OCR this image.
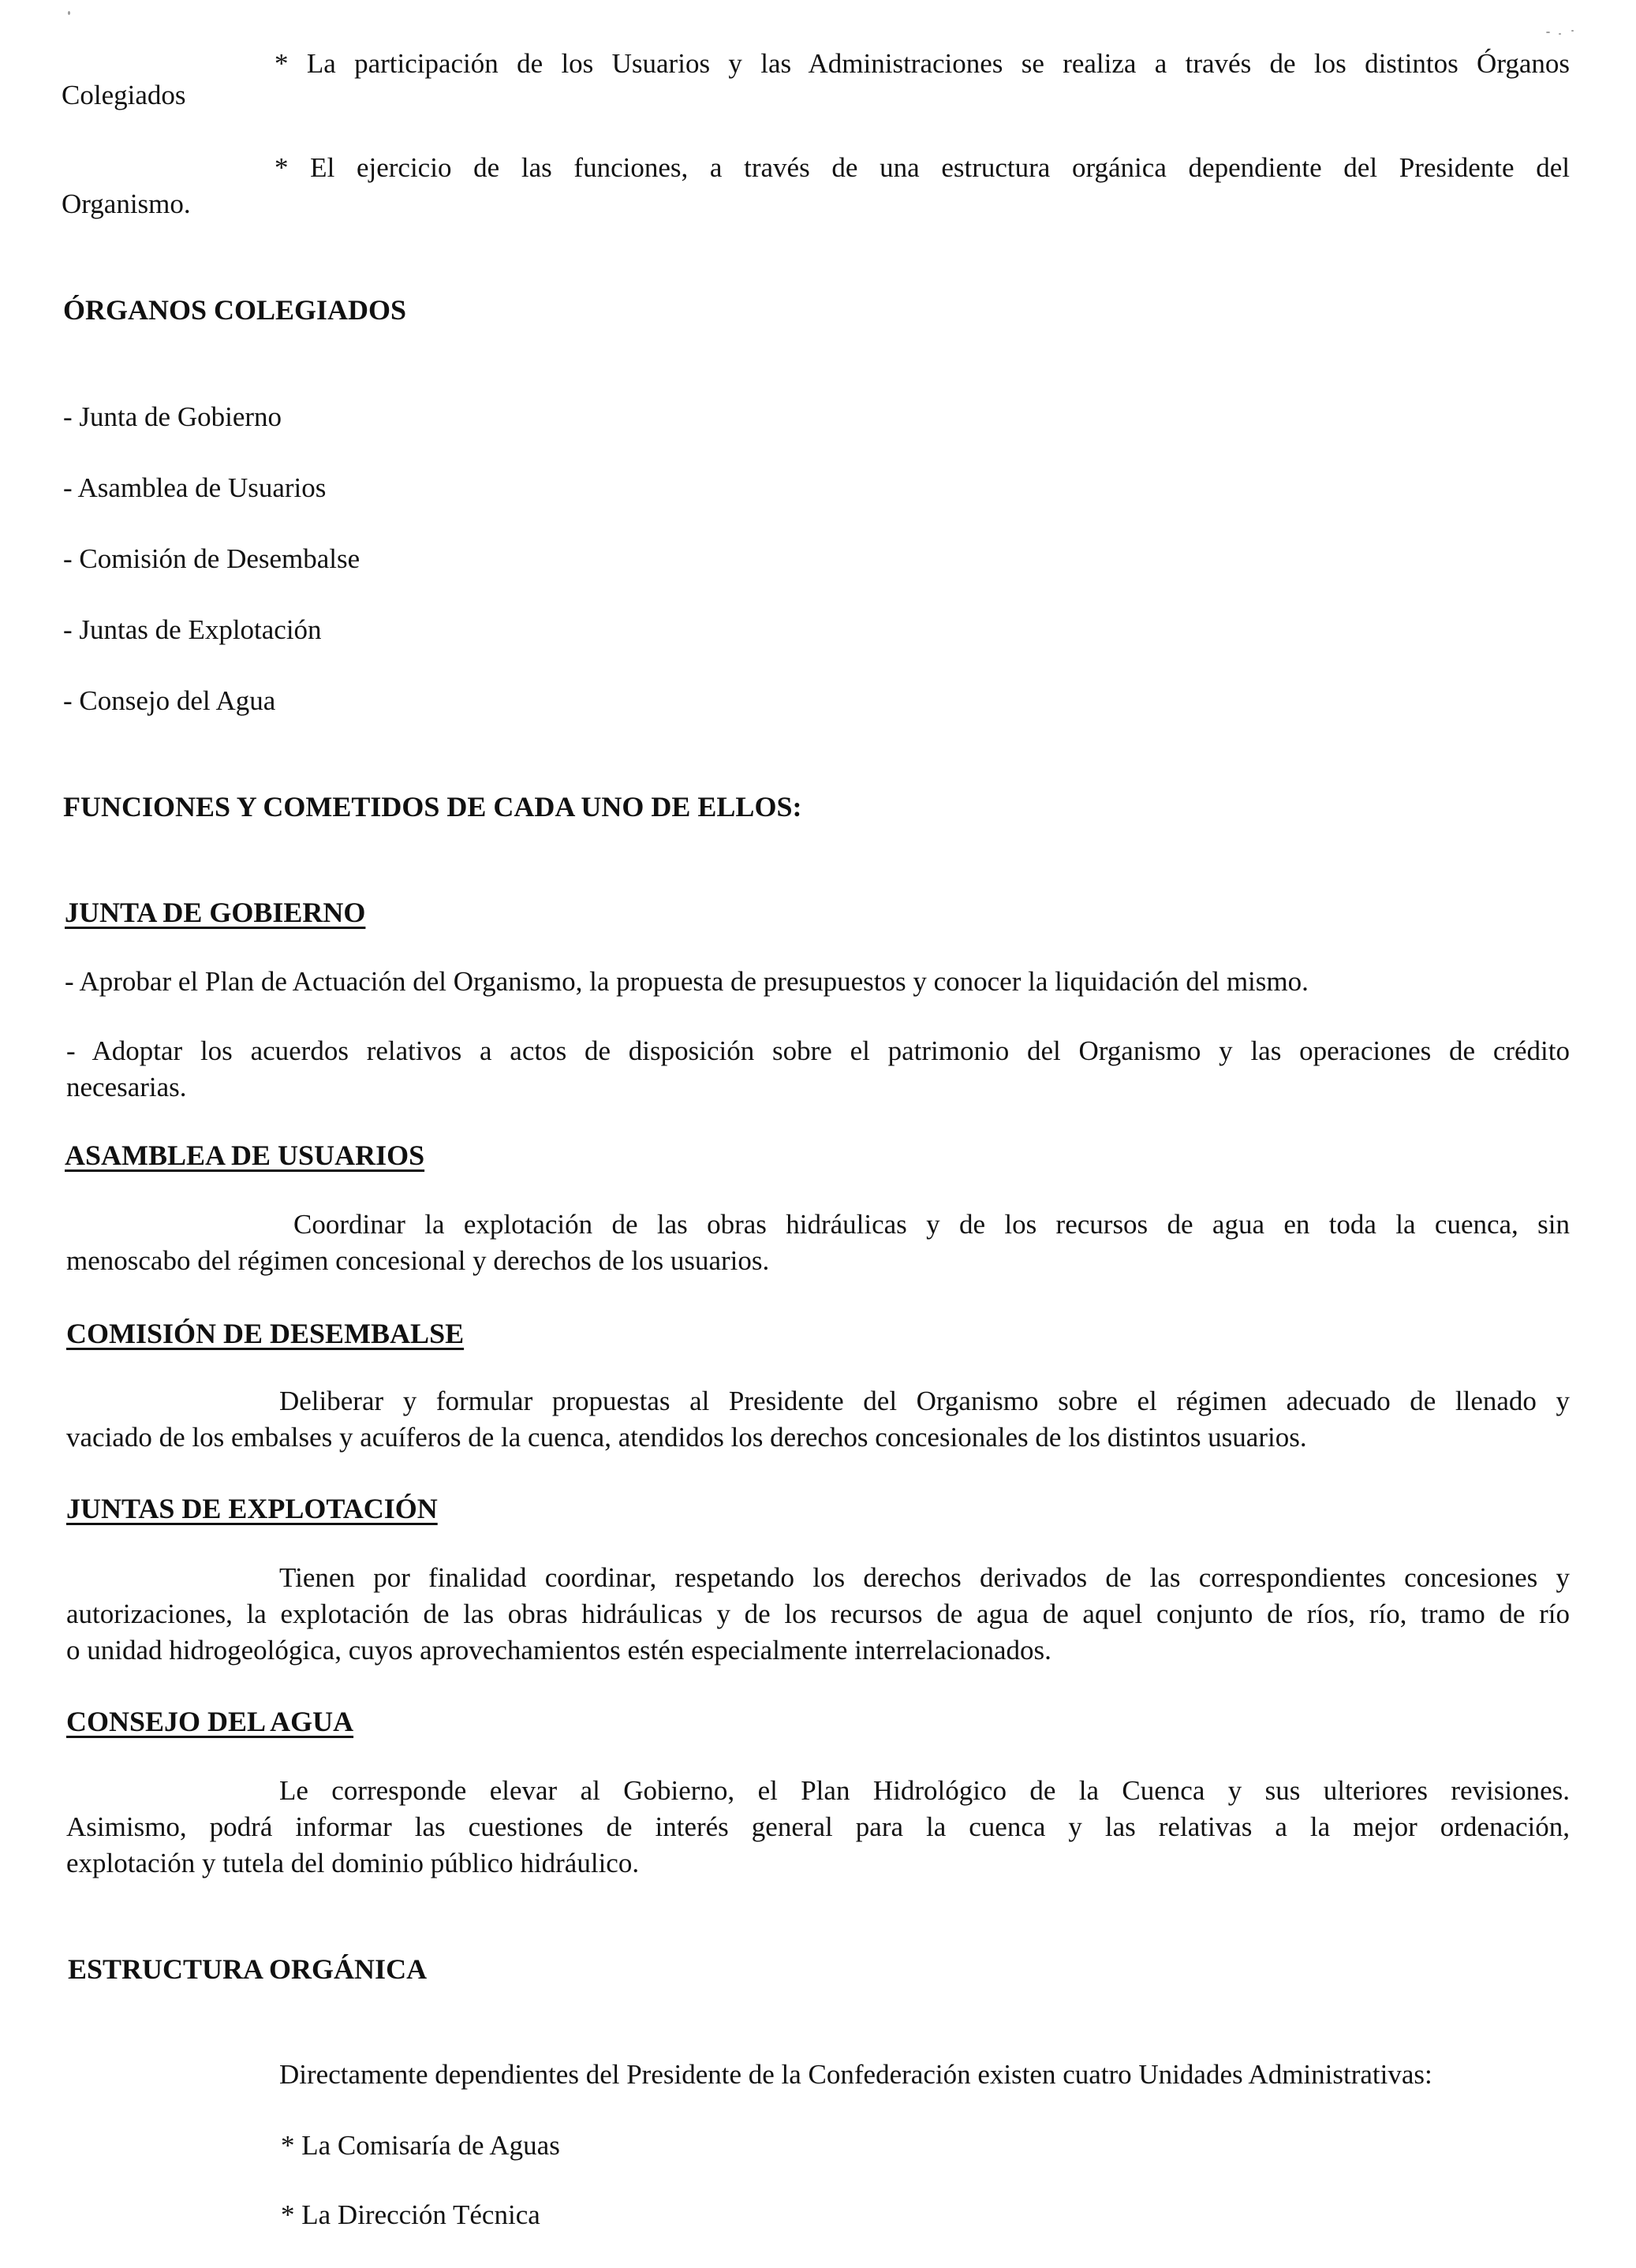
* La participación de los Usuarios y las Administraciones se realiza a través de los distintos Órganos

Colegiados

* El ejercicio de las funciones, a través de una estructura orgánica dependiente del Presidente del

Organismo.

ÓRGANOS COLEGIADOS

- Junta de Gobierno

- Asamblea de Usuarios

- Comisión de Desembalse

- Juntas de Explotación

- Consejo del Agua

FUNCIONES Y COMETIDOS DE CADA UNO DE ELLOS:
JUNTA DE GOBIERNO

- Aprobar el Plan de Actuación del Organismo, la propuesta de presupuestos y conocer la liquidación del mismo.

- Adoptar los acuerdos relativos a actos de disposición sobre el patrimonio del Organismo y las operaciones de crédito
necesarias.
ASAMBLEA DE USUARIOS

Coordinar la explotación de las obras hidráulicas y de los recursos de agua en toda la cuenca, sin

menoscabo del régimen concesional y derechos de los usuarios.

COMISIÓN DE DESEMBALSE

Deliberar y formular propuestas al Presidente del Organismo sobre el régimen adecuado de llenado y

vaciado de los embalses y acuíferos de la cuenca, atendidos los derechos concesionales de los distintos usuarios.

JUNTAS DE EXPLOTACIÓN

Tienen por finalidad coordinar, respetando los derechos derivados de las correspondientes concesiones y

autorizaciones, la explotación de las obras hidráulicas y de los recursos de agua de aquel conjunto de ríos, río, tramo de río

o unidad hidrogeológica, cuyos aprovechamientos estén especialmente interrelacionados.

CONSEJO DEL AGUA

Le corresponde elevar al Gobierno, el Plan Hidrológico de la Cuenca y sus ulteriores revisiones.

Asimismo, podrá informar las cuestiones de interés general para la cuenca y las relativas a la mejor ordenación,

explotación y tutela del dominio público hidráulico.

ESTRUCTURA ORGÁNICA

Directamente dependientes del Presidente de la Confederación existen cuatro Unidades Administrativas:

* La Comisaría de Aguas

* La Dirección Técnica
